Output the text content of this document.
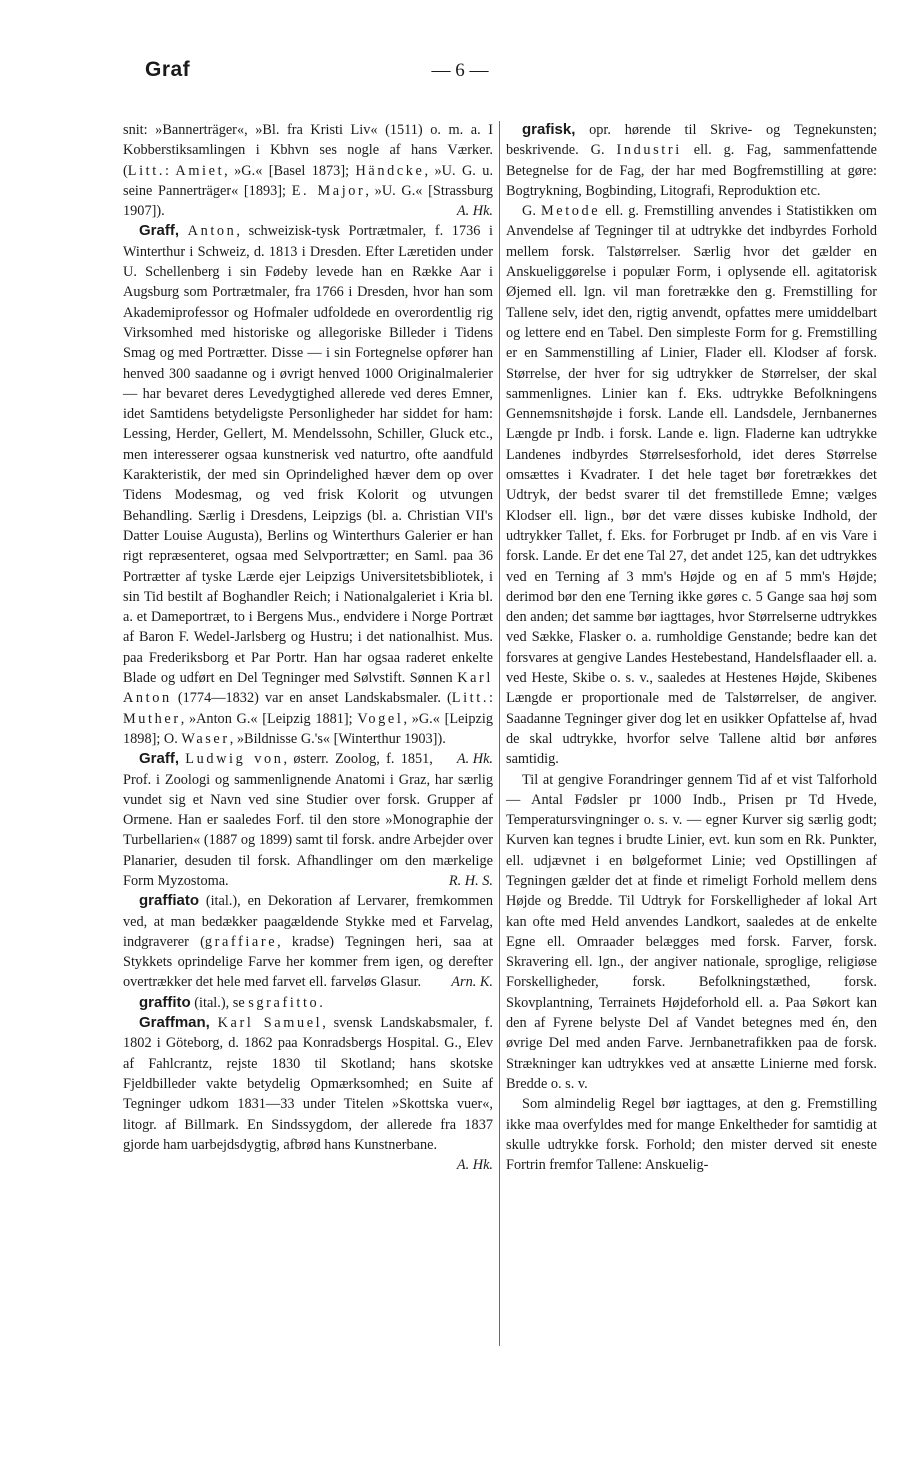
Graf	— 6 —

snit: »Bannerträger«, »Bl. fra Kristi Liv« (1511) o. m. a. I Kobberstiksamlingen i Kbhvn ses nogle af hans Værker. (Litt.: Amiet, »G.« [Basel 1873]; Händcke, »U. G. u. seine Pannerträger« [1893]; E. Major, »U. G.« [Strassburg 1907]).	A. Hk.

Graff, Anton, schweizisk-tysk Portrætmaler, f. 1736 i Winterthur i Schweiz, d. 1813 i Dresden. Efter Læretiden under U. Schellenberg i sin Fødeby levede han en Række Aar i Augsburg som Portrætmaler, fra 1766 i Dresden, hvor han som Akademiprofessor og Hofmaler udfoldede en overordentlig rig Virksomhed med historiske og allegoriske Billeder i Tidens Smag og med Portrætter. Disse — i sin Fortegnelse opfører han henved 300 saadanne og i øvrigt henved 1000 Originalmalerier — har bevaret deres Levedygtighed allerede ved deres Emner, idet Samtidens betydeligste Personligheder har siddet for ham: Lessing, Herder, Gellert, M. Mendelssohn, Schiller, Gluck etc., men interesserer ogsaa kunstnerisk ved naturtro, ofte aandfuld Karakteristik, der med sin Oprindelighed hæver dem op over Tidens Modesmag, og ved frisk Kolorit og utvungen Behandling. Særlig i Dresdens, Leipzigs (bl. a. Christian VII's Datter Louise Augusta), Berlins og Winterthurs Galerier er han rigt repræsenteret, ogsaa med Selvportrætter; en Saml. paa 36 Portrætter af tyske Lærde ejer Leipzigs Universitetsbibliotek, i sin Tid bestilt af Boghandler Reich; i Nationalgaleriet i Kria bl. a. et Dameportræt, to i Bergens Mus., endvidere i Norge Portræt af Baron F. Wedel-Jarlsberg og Hustru; i det nationalhist. Mus. paa Frederiksborg et Par Portr. Han har ogsaa raderet enkelte Blade og udført en Del Tegninger med Sølvstift. Sønnen Karl Anton (1774—1832) var en anset Landskabsmaler. (Litt.: Muther, »Anton G.« [Leipzig 1881]; Vogel, »G.« [Leipzig 1898]; O. Waser, »Bildnisse G.'s« [Winterthur 1903]).
A. Hk.

Graff, Ludwig von, østerr. Zoolog, f. 1851, Prof. i Zoologi og sammenlignende Anatomi i Graz, har særlig vundet sig et Navn ved sine Studier over forsk. Grupper af Ormene. Han er saaledes Forf. til den store »Monographie der Turbellarien« (1887 og 1899) samt til forsk. andre Arbejder over Planarier, desuden til forsk. Afhandlinger om den mærkelige Form Myzostoma.	R. H. S.

graffiato (ital.), en Dekoration af Lervarer, fremkommen ved, at man bedækker paagældende Stykke med et Farvelag, indgraverer (graffiare, kradse) Tegningen heri, saa at Stykkets oprindelige Farve her kommer frem igen, og derefter overtrækker det hele med farvet ell. farveløs Glasur.	Arn. K.

graffito (ital.), se sgrafitto.

Graffman, Karl Samuel, svensk Landskabsmaler, f. 1802 i Göteborg, d. 1862 paa Konradsbergs Hospital. G., Elev af Fahlcrantz, rejste 1830 til Skotland; hans skotske Fjeldbilleder vakte betydelig Opmærksomhed; en Suite af Tegninger udkom 1831—33 under Titelen »Skottska vuer«, litogr. af Billmark. En Sindssygdom, der allerede fra 1837 gjorde ham uarbejdsdygtig, afbrød hans Kunstnerbane.
A. Hk.

grafisk, opr. hørende til Skrive- og Tegnekunsten; beskrivende. G. Industri ell. g. Fag, sammenfattende Betegnelse for de Fag, der har med Bogfremstilling at gøre: Bogtrykning, Bogbinding, Litografi, Reproduktion etc.

G. Metode ell. g. Fremstilling anvendes i Statistikken om Anvendelse af Tegninger til at udtrykke det indbyrdes Forhold mellem forsk. Talstørrelser. Særlig hvor det gælder en Anskueliggørelse i populær Form, i oplysende ell. agitatorisk Øjemed ell. lgn. vil man foretrække den g. Fremstilling for Tallene selv, idet den, rigtig anvendt, opfattes mere umiddelbart og lettere end en Tabel. Den simpleste Form for g. Fremstilling er en Sammenstilling af Linier, Flader ell. Klodser af forsk. Størrelse, der hver for sig udtrykker de Størrelser, der skal sammenlignes. Linier kan f. Eks. udtrykke Befolkningens Gennemsnitshøjde i forsk. Lande ell. Landsdele, Jernbanernes Længde pr Indb. i forsk. Lande e. lign. Fladerne kan udtrykke Landenes indbyrdes Størrelsesforhold, idet deres Størrelse omsættes i Kvadrater. I det hele taget bør foretrækkes det Udtryk, der bedst svarer til det fremstillede Emne; vælges Klodser ell. lign., bør det være disses kubiske Indhold, der udtrykker Tallet, f. Eks. for Forbruget pr Indb. af en vis Vare i forsk. Lande. Er det ene Tal 27, det andet 125, kan det udtrykkes ved en Terning af 3 mm's Højde og en af 5 mm's Højde; derimod bør den ene Terning ikke gøres c. 5 Gange saa høj som den anden; det samme bør iagttages, hvor Størrelserne udtrykkes ved Sække, Flasker o. a. rumholdige Genstande; bedre kan det forsvares at gengive Landes Hestebestand, Handelsflaader ell. a. ved Heste, Skibe o. s. v., saaledes at Hestenes Højde, Skibenes Længde er proportionale med de Talstørrelser, de angiver. Saadanne Tegninger giver dog let en usikker Opfattelse af, hvad de skal udtrykke, hvorfor selve Tallene altid bør anføres samtidig.

Til at gengive Forandringer gennem Tid af et vist Talforhold — Antal Fødsler pr 1000 Indb., Prisen pr Td Hvede, Temperatursvingninger o. s. v. — egner Kurver sig særlig godt; Kurven kan tegnes i brudte Linier, evt. kun som en Rk. Punkter, ell. udjævnet i en bølgeformet Linie; ved Opstillingen af Tegningen gælder det at finde et rimeligt Forhold mellem dens Højde og Bredde. Til Udtryk for Forskelligheder af lokal Art kan ofte med Held anvendes Landkort, saaledes at de enkelte Egne ell. Omraader belægges med forsk. Farver, forsk. Skravering ell. lgn., der angiver nationale, sproglige, religiøse Forskelligheder, forsk. Befolkningstæthed, forsk. Skovplantning, Terrainets Højdeforhold ell. a. Paa Søkort kan den af Fyrene belyste Del af Vandet betegnes med én, den øvrige Del med anden Farve. Jernbanetrafikken paa de forsk. Strækninger kan udtrykkes ved at ansætte Linierne med forsk. Bredde o. s. v.

Som almindelig Regel bør iagttages, at den g. Fremstilling ikke maa overfyldes med for mange Enkeltheder for samtidig at skulle udtrykke forsk. Forhold; den mister derved sit eneste Fortrin fremfor Tallene: Anskuelig-
